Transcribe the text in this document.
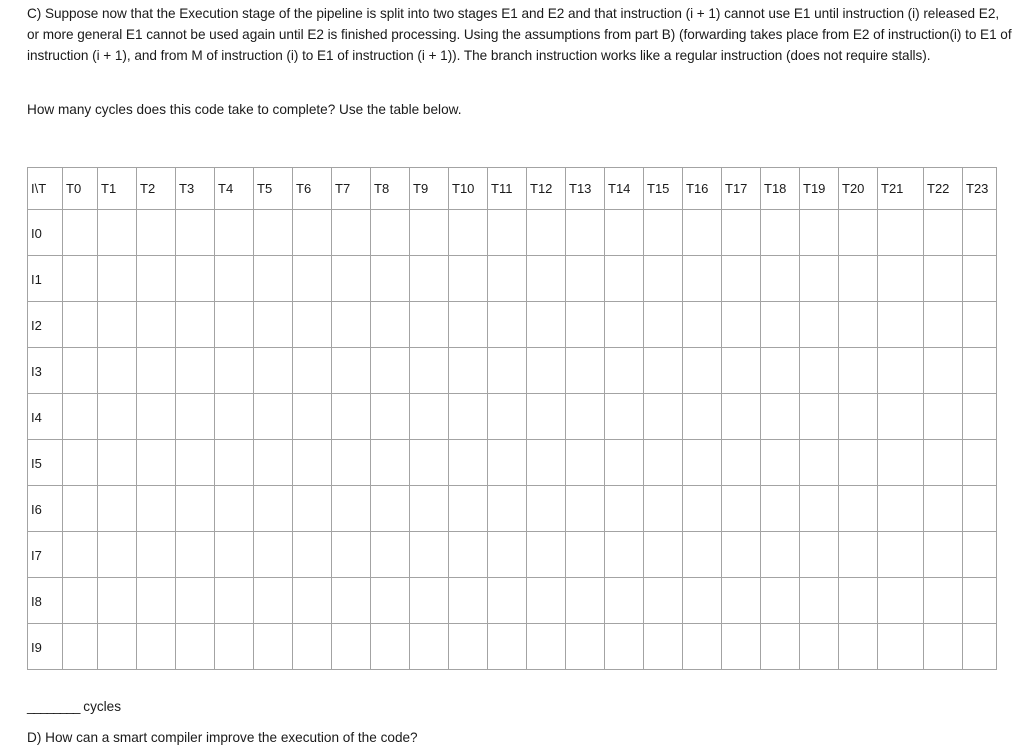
C) Suppose now that the Execution stage of the pipeline is split into two stages E1 and E2 and that instruction (i + 1) cannot use E1 until instruction (i) released E2, or more general E1 cannot be used again until E2 is finished processing. Using the assumptions from part B) (forwarding takes place from E2 of instruction(i) to E1 of instruction (i + 1), and from M of instruction (i) to E1 of instruction (i + 1)). The branch instruction works like a regular instruction (does not require stalls).
How many cycles does this code take to complete? Use the table below.
I\T	T0	T1	T2	T3	T4	T5	T6	T7	T8	T9	T10	T11	T12	T13	T14	T15	T16	T17	T18	T19	T20	T21	T22	T23
I0																								
I1																								
I2																								
I3																								
I4																								
I5																								
I6																								
I7																								
I8																								
I9																								
________ cycles
D) How can a smart compiler improve the execution of the code?
